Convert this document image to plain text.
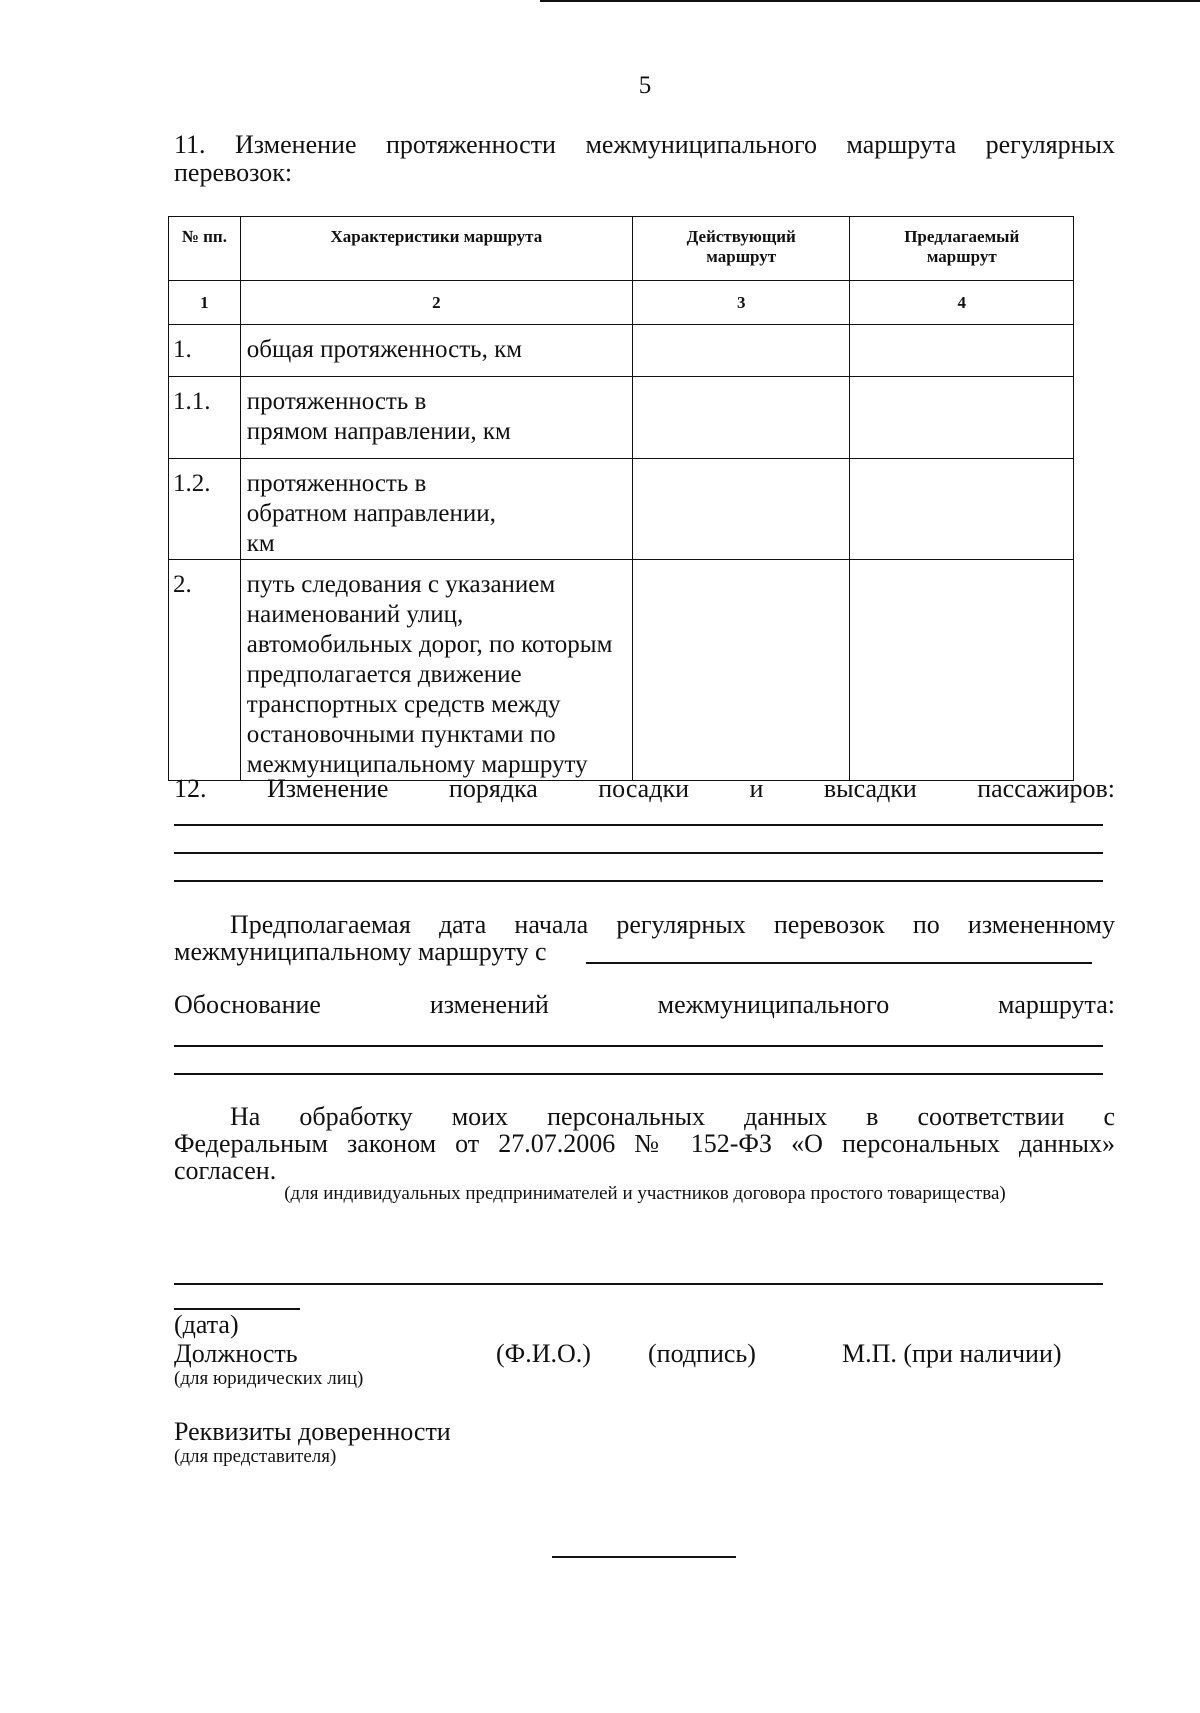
5
11. Изменение протяженности межмуниципального маршрута регулярных
перевозок:
№ пп.	Характеристики маршрута	Действующий маршрут	Предлагаемый маршрут
1	2	3	4
1.	общая протяженность, км		
1.1.	протяженность в прямом направлении, км		
1.2.	протяженность в обратном направлении, км		
2.	путь следования с указанием наименований улиц, автомобильных дорог, по которым предполагается движение транспортных средств между остановочными пунктами по межмуниципальному маршруту		
12. Изменение порядка посадки и высадки пассажиров:
Предполагаемая дата начала регулярных перевозок по измененному
межмуниципальному маршруту с
Обоснование изменений межмуниципального маршрута:
На обработку моих персональных данных в соответствии с
Федеральным законом от 27.07.2006 № 152-ФЗ «О персональных данных»
согласен.
(для индивидуальных предпринимателей и участников договора простого товарищества)
(дата)
Должность	(Ф.И.О.) (подпись)	М.П. (при наличии)
(для юридических лиц)
Реквизиты доверенности
(для представителя)
